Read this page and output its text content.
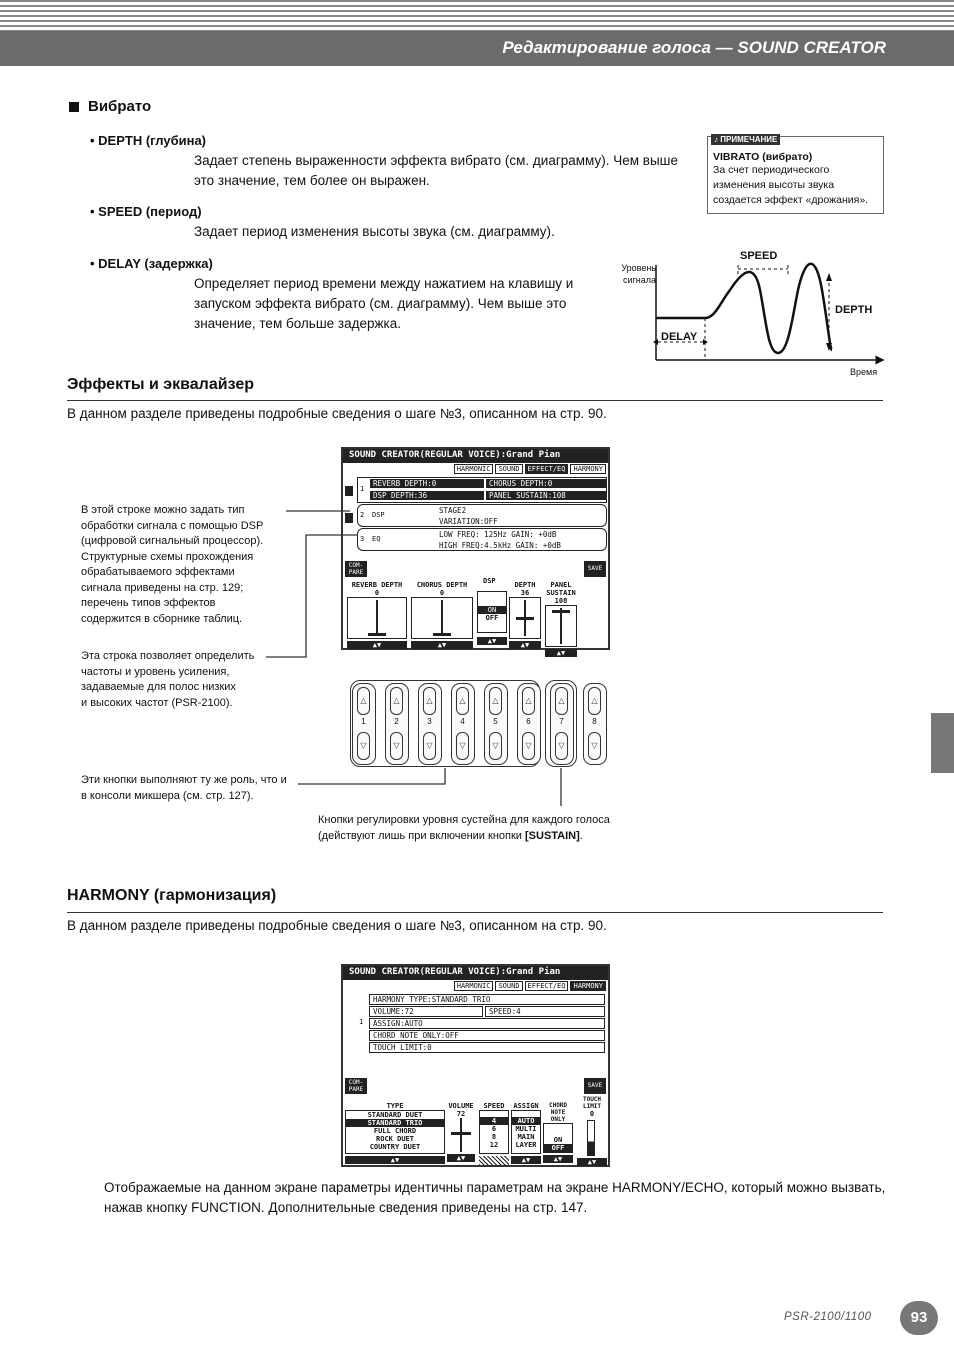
Редактирование голоса — SOUND CREATOR
Вибрато
• DEPTH (глубина)
Задает степень выраженности эффекта вибрато (см. диаграмму). Чем выше
это значение, тем более он выражен.
• SPEED (период)
Задает период изменения высоты звука (см. диаграмму).
• DELAY (задержка)
Определяет период времени между нажатием на клавишу и
запуском эффекта вибрато (см. диаграмму). Чем выше это
значение, тем больше задержка.
♪ ПРИМЕЧАНИЕ
VIBRATO (вибрато)
За счет периодического
изменения высоты звука
создается эффект «дрожания».
Уровень
сигнала
SPEED
DEPTH
DELAY
Время
Эффекты и эквалайзер
В данном разделе приведены подробные сведения о шаге №3, описанном на стр. 90.
SOUND CREATOR(REGULAR VOICE):Grand Pian
HARMONIC	SOUND	EFFECT/EQ	HARMONY
1
REVERB DEPTH:0	CHORUS DEPTH:0
DSP DEPTH:36	PANEL SUSTAIN:108
2 DSP	STAGE2
VARIATION:OFF
3 EQ	LOW FREQ: 125Hz GAIN: +0dB
HIGH FREQ:4.5kHz GAIN: +0dB
COM-PARE
SAVE
DSP
REVERB DEPTH
0
▲▼
CHORUS DEPTH
0
▲▼
ON
OFF
▲▼
DEPTH
36
▲▼
PANEL SUSTAIN
108
▲▼
В этой строке можно задать тип
обработки сигнала с помощью DSP
(цифровой сигнальный процессор).
Структурные схемы прохождения
обрабатываемого эффектами
сигнала приведены на стр. 129;
перечень типов эффектов
содержится в сборнике таблиц.
Эта строка позволяет определить
частоты и уровень усиления,
задаваемые для полос низких
и высоких частот (PSR-2100).
Эти кнопки выполняют ту же роль, что и
в консоли микшера (см. стр. 127).
Кнопки регулировки уровня сустейна для каждого голоса
(действуют лишь при включении кнопки [SUSTAIN].
△
1
▽
△
2
▽
△
3
▽
△
4
▽
△
5
▽
△
6
▽
△
7
▽
△
8
▽
HARMONY (гармонизация)
В данном разделе приведены подробные сведения о шаге №3, описанном на стр. 90.
SOUND CREATOR(REGULAR VOICE):Grand Pian
HARMONIC	SOUND	EFFECT/EQ	HARMONY
1
HARMONY TYPE:STANDARD TRIO
VOLUME:72	SPEED:4
ASSIGN:AUTO
CHORD NOTE ONLY:OFF
TOUCH LIMIT:0
COM-PARE
SAVE
TYPE
STANDARD DUET
STANDARD TRIO
FULL CHORD
ROCK DUET
COUNTRY DUET
▲▼
VOLUME
72
▲▼
SPEED
4
6
8
12
ASSIGN
AUTO
MULTI
MAIN
LAYER
▲▼
CHORD NOTE ONLY
ON
OFF
▲▼
TOUCH LIMIT
0
▲▼
Отображаемые на данном экране параметры идентичны параметрам на экране HARMONY/ECHO, который можно вызвать,
нажав кнопку FUNCTION. Дополнительные сведения приведены на стр. 147.
PSR-2100/1100	93
